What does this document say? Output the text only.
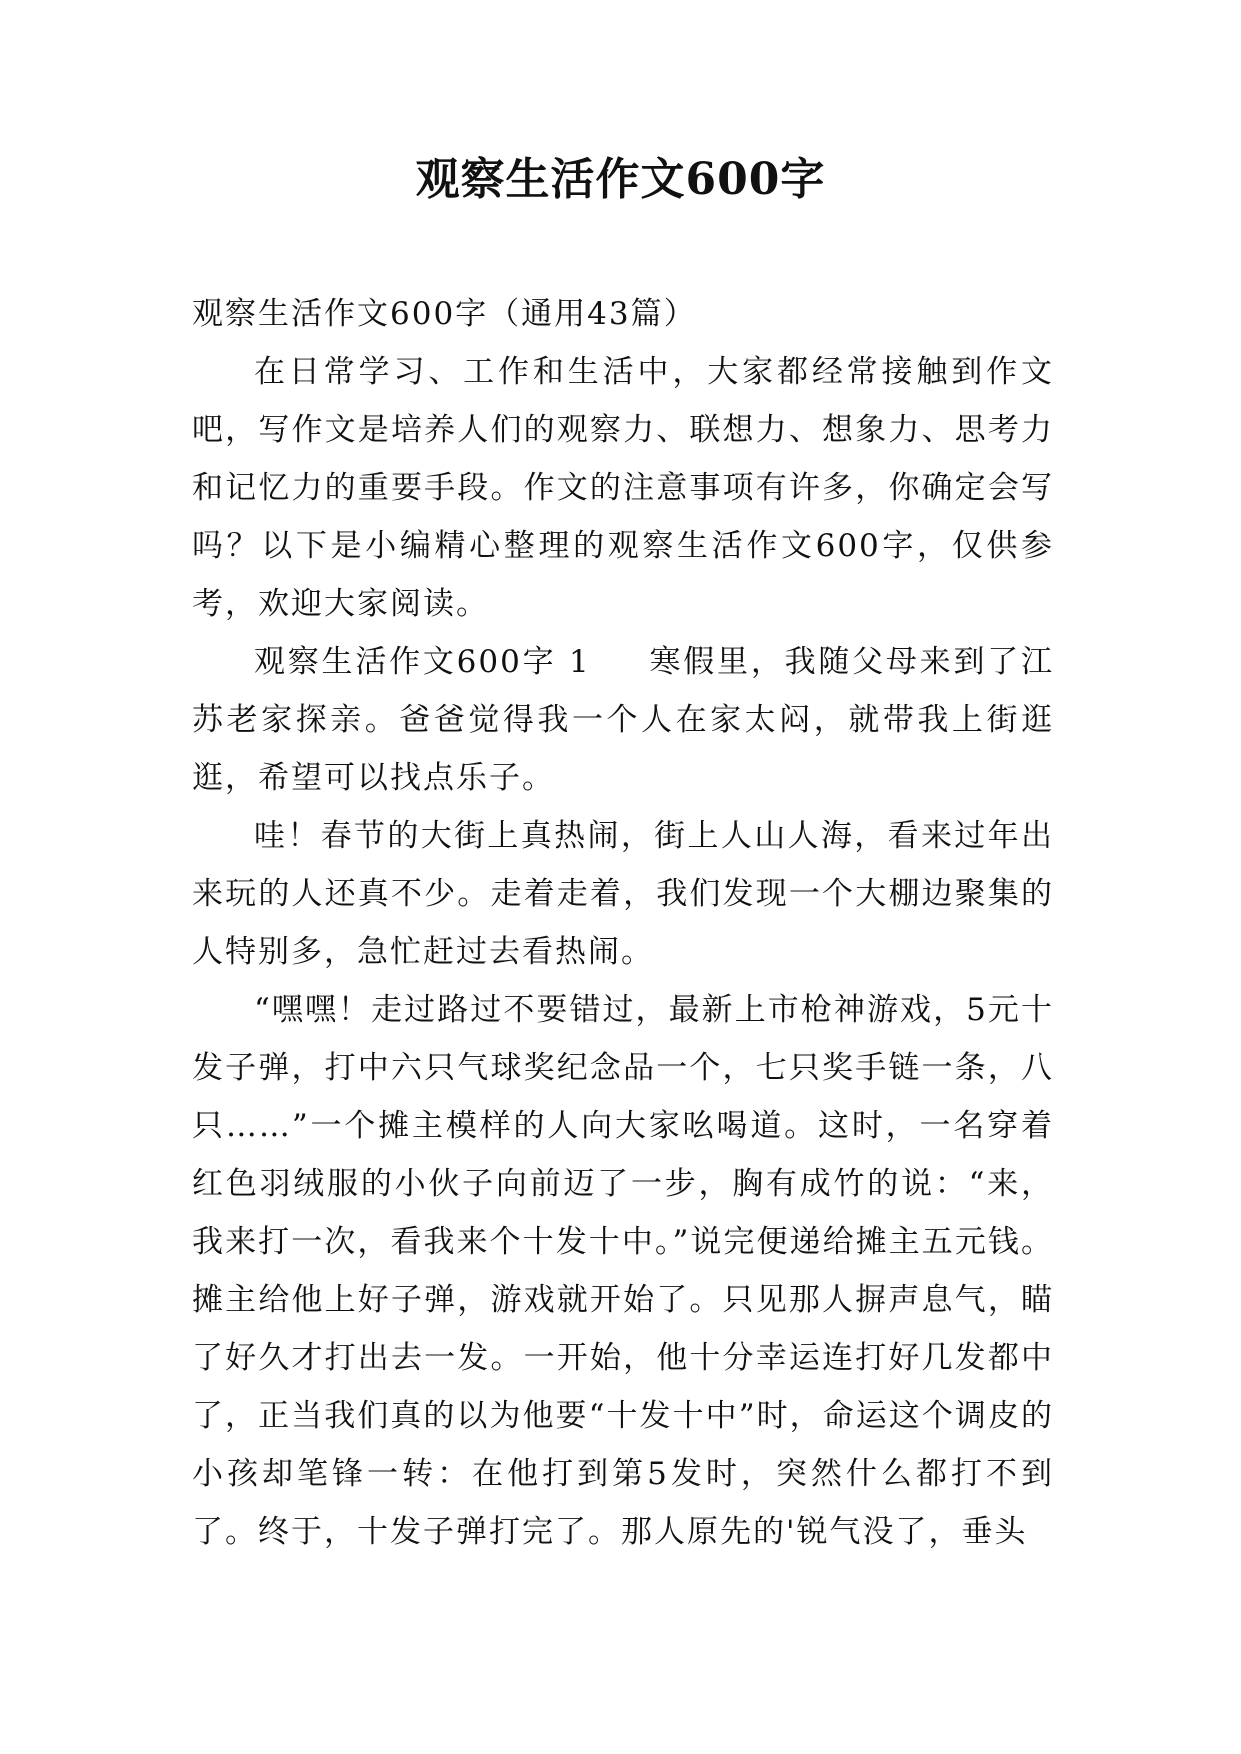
观察生活作文600字

观察生活作文600字（通用43篇）

在日常学习、工作和生活中，大家都经常接触到作文吧，写作文是培养人们的观察力、联想力、想象力、思考力和记忆力的重要手段。作文的注意事项有许多，你确定会写吗？以下是小编精心整理的观察生活作文600字，仅供参考，欢迎大家阅读。

观察生活作文600字 1 寒假里，我随父母来到了江苏老家探亲。爸爸觉得我一个人在家太闷，就带我上街逛逛，希望可以找点乐子。

哇！春节的大街上真热闹，街上人山人海，看来过年出来玩的人还真不少。走着走着，我们发现一个大棚边聚集的人特别多，急忙赶过去看热闹。

“嘿嘿！走过路过不要错过，最新上市枪神游戏，5元十发子弹，打中六只气球奖纪念品一个，七只奖手链一条，八只……”一个摊主模样的人向大家吆喝道。这时，一名穿着红色羽绒服的小伙子向前迈了一步，胸有成竹的说：“来，我来打一次，看我来个十发十中。”说完便递给摊主五元钱。摊主给他上好子弹，游戏就开始了。只见那人摒声息气，瞄了好久才打出去一发。一开始，他十分幸运连打好几发都中了，正当我们真的以为他要“十发十中”时，命运这个调皮的小孩却笔锋一转：在他打到第5发时，突然什么都打不到了。终于，十发子弹打完了。那人原先的'锐气没了，垂头
